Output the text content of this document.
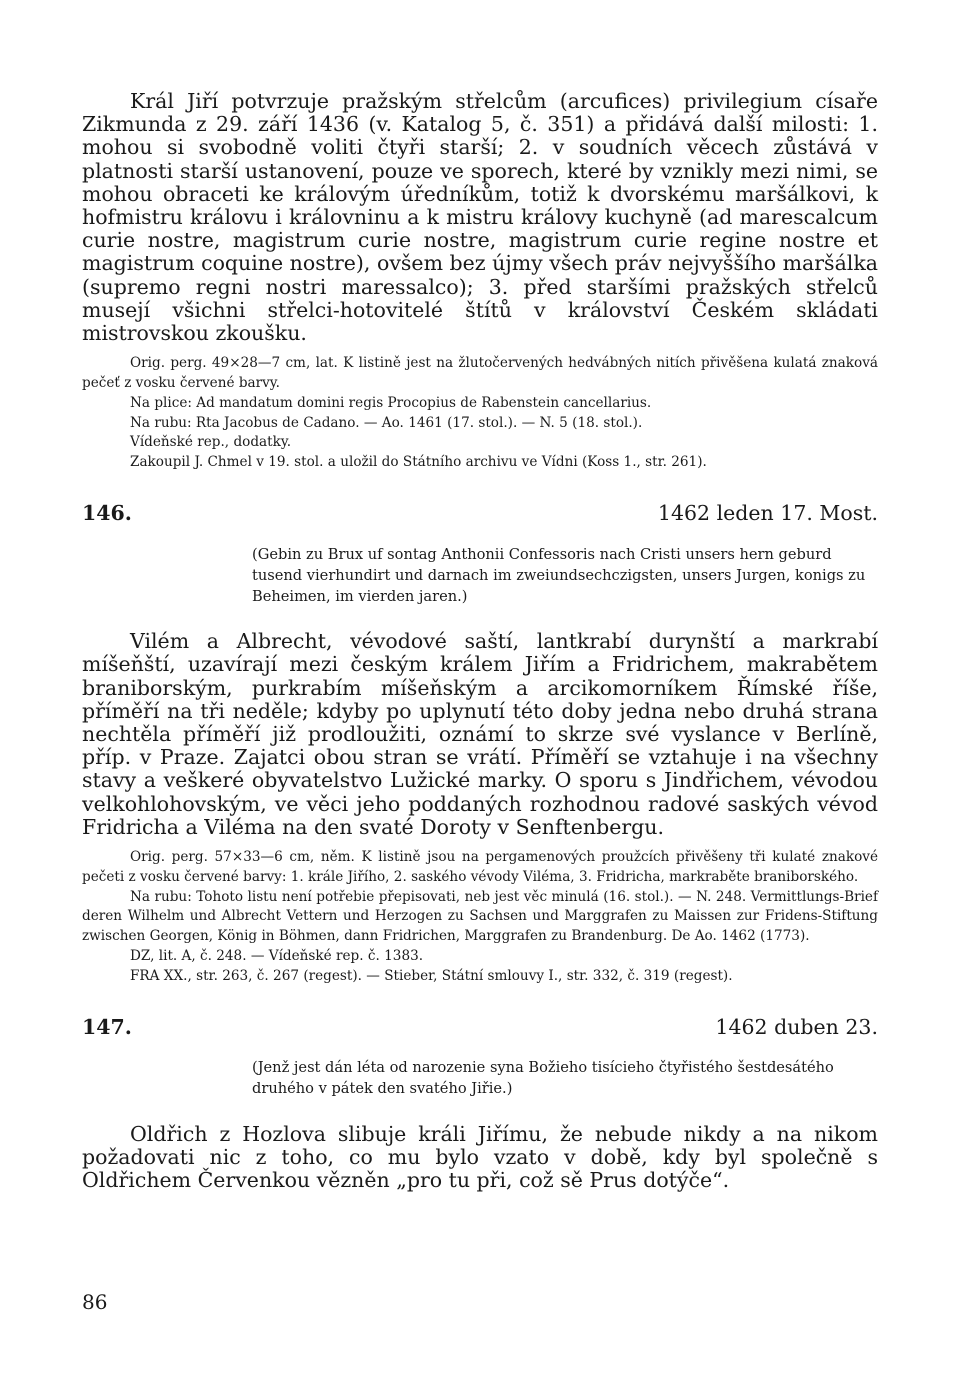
Král Jiří potvrzuje pražským střelcům (arcufices) privilegium císaře Zikmunda z 29. září 1436 (v. Katalog 5, č. 351) a přidává další milosti: 1. mohou si svobodně voliti čtyři starší; 2. v soudních věcech zůstává v platnosti starší ustanovení, pouze ve sporech, které by vznikly mezi nimi, se mohou obraceti ke královým úředníkům, totiž k dvorskému maršálkovi, k hofmistru královu i královninu a k mistru královy kuchyně (ad marescalcum curie nostre, magistrum curie nostre, magistrum curie regine nostre et magistrum coquine nostre), ovšem bez újmy všech práv nejvyššího maršálka (supremo regni nostri maressalco); 3. před staršími pražských střelců musejí všichni střelci-hotovitelé štítů v království Českém skládati mistrovskou zkoušku.

Orig. perg. 49×28—7 cm, lat. K listině jest na žlutočervených hedvábných nitích přivěšena kulatá znaková pečeť z vosku červené barvy.

Na plice: Ad mandatum domini regis Procopius de Rabenstein cancellarius.

Na rubu: Rta Jacobus de Cadano. — Ao. 1461 (17. stol.). — N. 5 (18. stol.).

Vídeňské rep., dodatky.

Zakoupil J. Chmel v 19. stol. a uložil do Státního archivu ve Vídni (Koss 1., str. 261).

146.	1462 leden 17. Most.

(Gebin zu Brux uf sontag Anthonii Confessoris nach Cristi unsers hern geburd tusend vierhundirt und darnach im zweiundsechczigsten, unsers Jurgen, konigs zu Beheimen, im vierden jaren.)

Vilém a Albrecht, vévodové saští, lantkrabí durynští a markrabí míšeňští, uzavírají mezi českým králem Jiřím a Fridrichem, makrabětem braniborským, purkrabím míšeňským a arcikomorníkem Římské říše, příměří na tři neděle; kdyby po uplynutí této doby jedna nebo druhá strana nechtěla příměří již prodloužiti, oznámí to skrze své vyslance v Berlíně, příp. v Praze. Zajatci obou stran se vrátí. Příměří se vztahuje i na všechny stavy a veškeré obyvatelstvo Lužické marky. O sporu s Jindřichem, vévodou velkohlohovským, ve věci jeho poddaných rozhodnou radové saských vévod Fridricha a Viléma na den svaté Doroty v Senftenbergu.

Orig. perg. 57×33—6 cm, něm. K listině jsou na pergamenových proužcích přivěšeny tři kulaté znakové pečeti z vosku červené barvy: 1. krále Jiřího, 2. saského vévody Viléma, 3. Fridricha, markraběte braniborského.

Na rubu: Tohoto listu není potřebie přepisovati, neb jest věc minulá (16. stol.). — N. 248. Vermittlungs-Brief deren Wilhelm und Albrecht Vettern und Herzogen zu Sachsen und Marggrafen zu Maissen zur Fridens-Stiftung zwischen Georgen, König in Böhmen, dann Fridrichen, Marggrafen zu Brandenburg. De Ao. 1462 (1773).

DZ, lit. A, č. 248. — Vídeňské rep. č. 1383.

FRA XX., str. 263, č. 267 (regest). — Stieber, Státní smlouvy I., str. 332, č. 319 (regest).

147.	1462 duben 23.

(Jenž jest dán léta od narozenie syna Božieho tisícieho čtyřistého šestdesátého druhého v pátek den svatého Jiřie.)

Oldřich z Hozlova slibuje králi Jiřímu, že nebude nikdy a na nikom požadovati nic z toho, co mu bylo vzato v době, kdy byl společně s Oldřichem Červenkou vězněn „pro tu při, což sě Prus dotýče“.

86
